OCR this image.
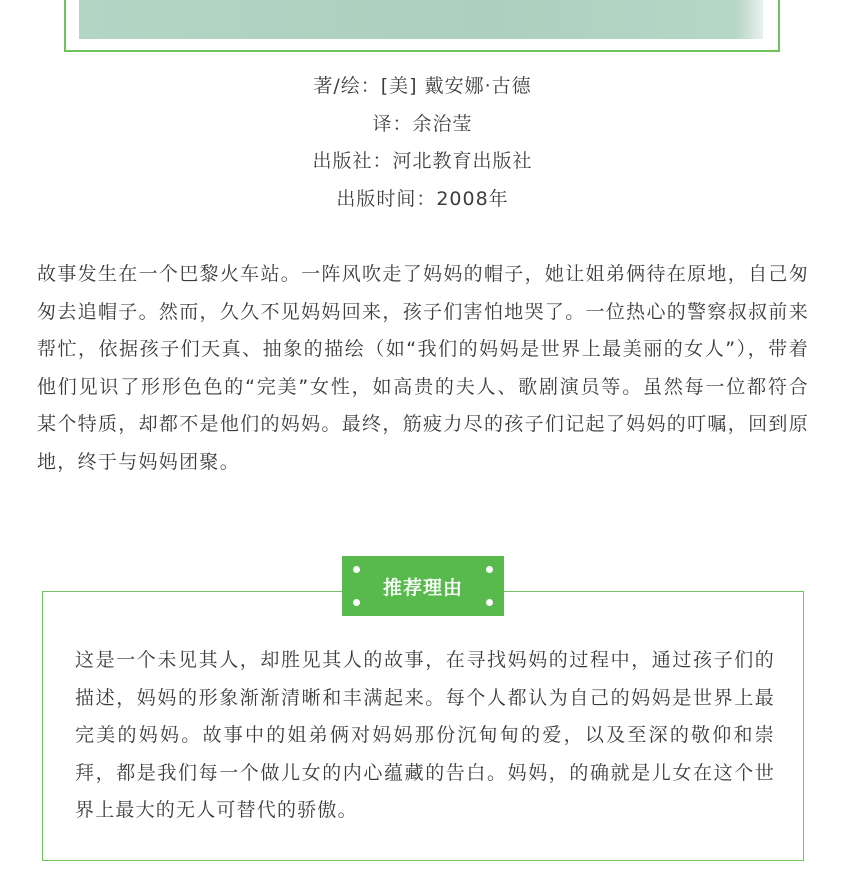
著/绘：[美] 戴安娜·古德
译：余治莹
出版社：河北教育出版社
出版时间：2008年
故事发生在一个巴黎火车站。一阵风吹走了妈妈的帽子，她让姐弟俩待在原地，自己匆匆去追帽子。然而，久久不见妈妈回来，孩子们害怕地哭了。一位热心的警察叔叔前来帮忙，依据孩子们天真、抽象的描绘（如“我们的妈妈是世界上最美丽的女人”），带着他们见识了形形色色的“完美”女性，如高贵的夫人、歌剧演员等。虽然每一位都符合某个特质，却都不是他们的妈妈。最终，筋疲力尽的孩子们记起了妈妈的叮嘱，回到原地，终于与妈妈团聚。
推荐理由
这是一个未见其人，却胜见其人的故事，在寻找妈妈的过程中，通过孩子们的描述，妈妈的形象渐渐清晰和丰满起来。每个人都认为自己的妈妈是世界上最完美的妈妈。故事中的姐弟俩对妈妈那份沉甸甸的爱，以及至深的敬仰和崇拜，都是我们每一个做儿女的内心蕴藏的告白。妈妈，的确就是儿女在这个世界上最大的无人可替代的骄傲。
